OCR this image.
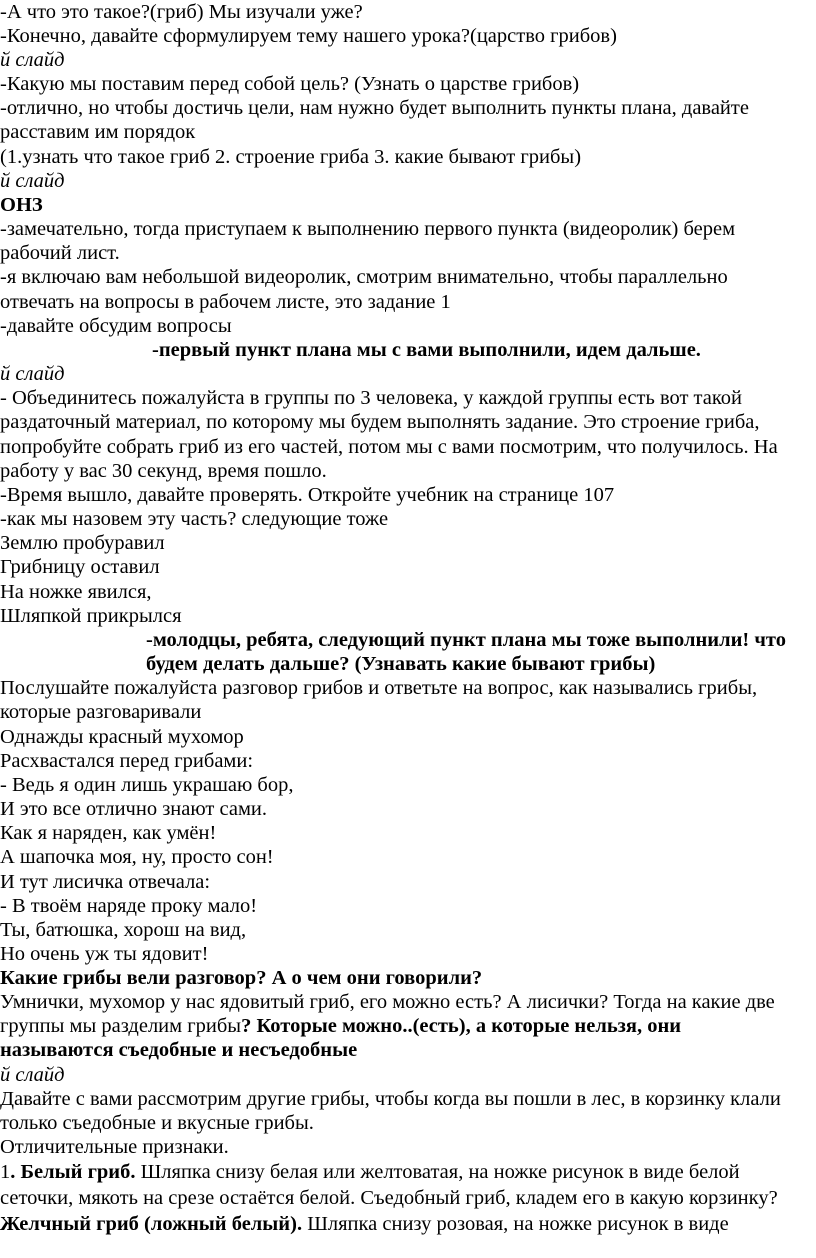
-А что это такое?(гриб) Мы изучали уже?
-Конечно, давайте сформулируем тему нашего урока?(царство грибов)
й слайд
-Какую мы поставим перед собой цель? (Узнать о царстве грибов)
-отлично, но чтобы достичь цели, нам нужно будет выполнить пункты плана, давайте
расставим им порядок
(1.узнать что такое гриб 2. строение гриба 3. какие бывают грибы)
й слайд
ОНЗ
-замечательно, тогда приступаем к выполнению первого пункта (видеоролик) берем
рабочий лист.
-я включаю вам небольшой видеоролик, смотрим внимательно, чтобы параллельно
отвечать на вопросы в рабочем листе, это задание 1
-давайте обсудим вопросы
-первый пункт плана мы с вами выполнили, идем дальше.
й слайд
- Объединитесь пожалуйста в группы по 3 человека, у каждой группы есть вот такой
раздаточный материал, по которому мы будем выполнять задание. Это строение гриба,
попробуйте собрать гриб из его частей, потом мы с вами посмотрим, что получилось. На
работу у вас 30 секунд, время пошло.
-Время вышло, давайте проверять. Откройте учебник на странице 107
-как мы назовем эту часть? следующие тоже
Землю пробуравил
Грибницу оставил
На ножке явился,
Шляпкой прикрылся
-молодцы, ребята, следующий пункт плана мы тоже выполнили! что
будем делать дальше? (Узнавать какие бывают грибы)
Послушайте пожалуйста разговор грибов и ответьте на вопрос, как назывались грибы,
которые разговаривали
Однажды красный мухомор
Расхвастался перед грибами:
- Ведь я один лишь украшаю бор,
И это все отлично знают сами.
Как я наряден, как умён!
А шапочка моя, ну, просто сон!
И тут лисичка отвечала:
- В твоём наряде проку мало!
Ты, батюшка, хорош на вид,
Но очень уж ты ядовит!
Какие грибы вели разговор? А о чем они говорили?
Умнички, мухомор у нас ядовитый гриб, его можно есть? А лисички? Тогда на какие две
группы мы разделим грибы? Которые можно..(есть), а которые нельзя, они
называются съедобные и несъедобные
й слайд
Давайте с вами рассмотрим другие грибы, чтобы когда вы пошли в лес, в корзинку клали
только съедобные и вкусные грибы.
Отличительные признаки.
1. Белый гриб. Шляпка снизу белая или желтоватая, на ножке рисунок в виде белой
сеточки, мякоть на срезе остаётся белой. Съедобный гриб, кладем его в какую корзинку?
Желчный гриб (ложный белый). Шляпка снизу розовая, на ножке рисунок в виде
